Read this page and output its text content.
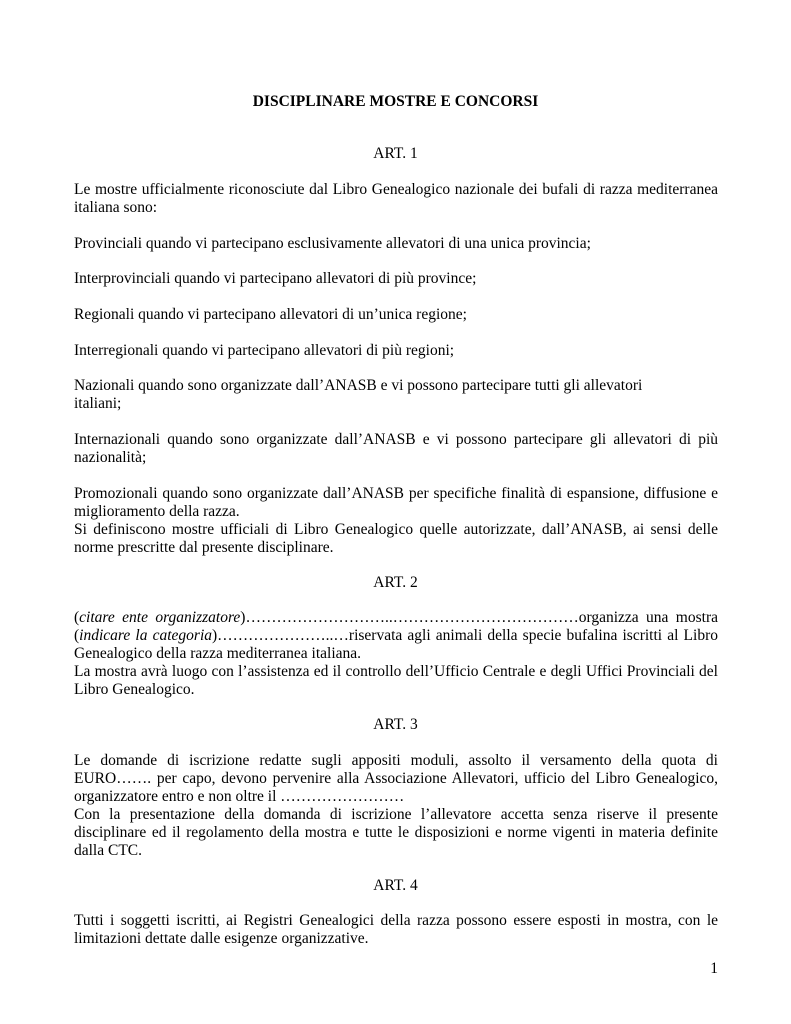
DISCIPLINARE MOSTRE E CONCORSI
ART. 1
Le mostre ufficialmente riconosciute dal Libro Genealogico nazionale dei bufali di razza mediterranea
italiana sono:
Provinciali quando vi partecipano esclusivamente allevatori di una unica provincia;
Interprovinciali quando vi partecipano allevatori di più province;
Regionali quando vi partecipano allevatori di un’unica regione;
Interregionali quando vi partecipano allevatori di più regioni;
Nazionali quando sono organizzate dall’ANASB e vi possono partecipare tutti gli allevatori
italiani;
Internazionali quando sono organizzate dall’ANASB e vi possono partecipare gli allevatori di più
nazionalità;
Promozionali quando sono organizzate dall’ANASB per specifiche finalità di espansione, diffusione e
miglioramento della razza.
Si definiscono mostre ufficiali di Libro Genealogico quelle autorizzate, dall’ANASB, ai sensi delle
norme prescritte dal presente disciplinare.
ART. 2
(citare ente organizzatore)………………………..………………………………organizza una mostra
(indicare la categoria)…………………..…riservata agli animali della specie bufalina iscritti al Libro
Genealogico della razza mediterranea italiana.
La mostra avrà luogo con l’assistenza ed il controllo dell’Ufficio Centrale e degli Uffici Provinciali del
Libro Genealogico.
ART. 3
Le domande di iscrizione redatte sugli appositi moduli, assolto il versamento della quota di
EURO……. per capo, devono pervenire alla Associazione Allevatori, ufficio del Libro Genealogico,
organizzatore entro e non oltre il ……………………
Con la presentazione della domanda di iscrizione l’allevatore accetta senza riserve il presente
disciplinare ed il regolamento della mostra e tutte le disposizioni e norme vigenti in materia definite
dalla CTC.
ART. 4
Tutti i soggetti iscritti, ai Registri Genealogici della razza possono essere esposti in mostra, con le
limitazioni dettate dalle esigenze organizzative.
1
